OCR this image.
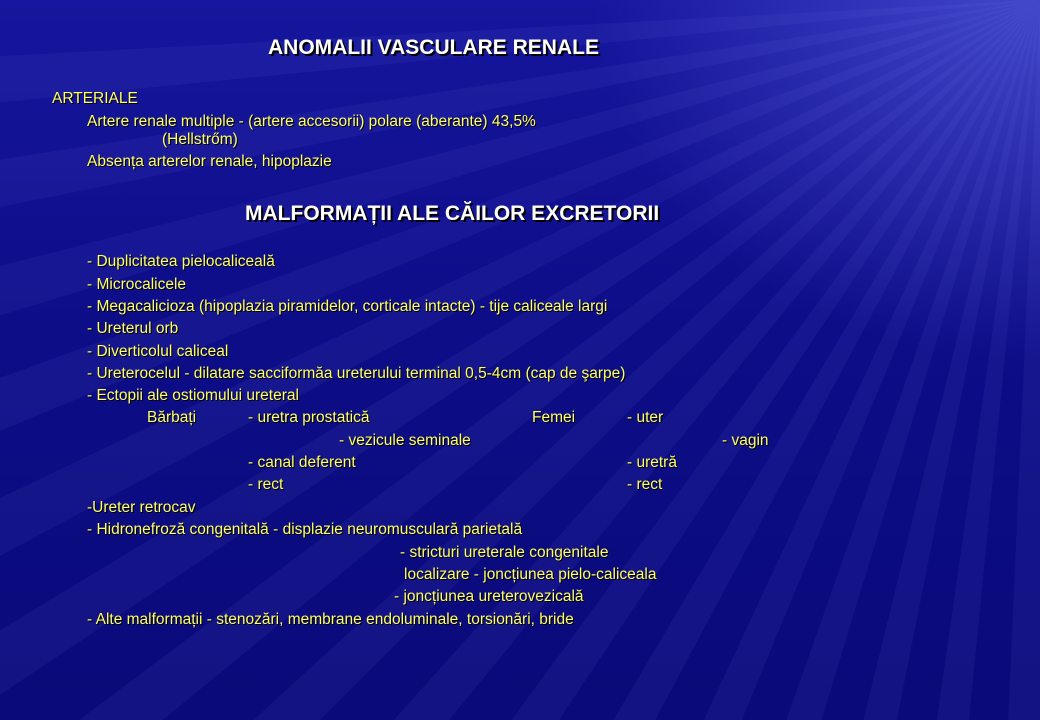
ANOMALII VASCULARE RENALE
ARTERIALE
Artere renale multiple - (artere accesorii) polare (aberante) 43,5%
(Hellstrőm)
Absența arterelor renale, hipoplazie
MALFORMAȚII ALE CĂILOR EXCRETORII
- Duplicitatea pielocaliceală
- Microcalicele
- Megacalicioza (hipoplazia piramidelor, corticale intacte) - tije caliceale largi
- Ureterul orb
- Diverticolul caliceal
- Ureterocelul - dilatare sacciformăa ureterului terminal 0,5-4cm (cap de şarpe)
- Ectopii ale ostiomului ureteral
Bărbați	- uretra prostatică	Femei	- uter
- vezicule seminale	- vagin
- canal deferent	- uretră
- rect	- rect
-Ureter retrocav
- Hidronefroză congenitală - displazie neuromusculară parietală
- stricturi ureterale congenitale
localizare - joncțiunea pielo-caliceala
- joncțiunea ureterovezicală
- Alte malformații - stenozări, membrane endoluminale, torsionări, bride
